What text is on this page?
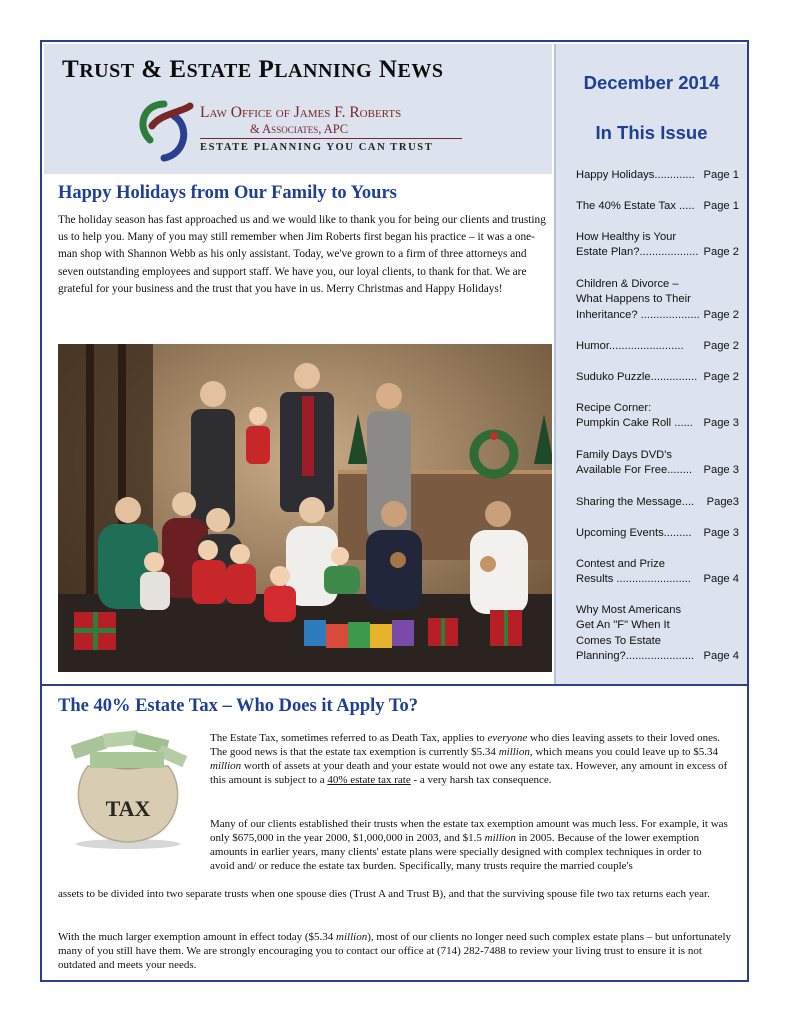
TRUST & ESTATE PLANNING NEWS
Law Office of James F. Roberts
& Associates, APC
ESTATE PLANNING YOU CAN TRUST
December 2014
In This Issue
Happy Holidays............. Page 1
The 40% Estate Tax ..... Page 1
How Healthy is Your
Estate Plan?................... Page 2
Children & Divorce –
What Happens to Their
Inheritance? ................... Page 2
Humor........................	Page 2
Suduko Puzzle............... Page 2
Recipe Corner:
Pumpkin Cake Roll ...... Page 3
Family Days DVD's
Available For Free........	Page 3
Sharing the Message....	Page3
Upcoming Events.........	Page 3
Contest and Prize
Results ........................	Page 4
Why Most Americans
Get An "F" When It
Comes To Estate
Planning?...................... Page 4
Happy Holidays from Our Family to Yours

The holiday season has fast approached us and we would like to thank you for being our clients and trusting us to help you. Many of you may still remember when Jim Roberts first began his practice – it was a one-man shop with Shannon Webb as his only assistant. Today, we've grown to a firm of three attorneys and seven outstanding employees and support staff. We have you, our loyal clients, to thank for that. We are grateful for your business and the trust that you have in us. Merry Christmas and Happy Holidays!

The 40% Estate Tax – Who Does it Apply To?
TAX

The Estate Tax, sometimes referred to as Death Tax, applies to everyone who dies leaving assets to their loved ones. The good news is that the estate tax exemption is currently $5.34 million, which means you could leave up to $5.34 million worth of assets at your death and your estate would not owe any estate tax. However, any amount in excess of this amount is subject to a 40% estate tax rate - a very harsh tax consequence.

Many of our clients established their trusts when the estate tax exemption amount was much less. For example, it was only $675,000 in the year 2000, $1,000,000 in 2003, and $1.5 million in 2005. Because of the lower exemption amounts in earlier years, many clients' estate plans were specially designed with complex techniques in order to avoid and/ or reduce the estate tax burden. Specifically, many trusts require the married couple's

assets to be divided into two separate trusts when one spouse dies (Trust A and Trust B), and that the surviving spouse file two tax returns each year.

With the much larger exemption amount in effect today ($5.34 million), most of our clients no longer need such complex estate plans – but unfortunately many of you still have them. We are strongly encouraging you to contact our office at (714) 282-7488 to review your living trust to ensure it is not outdated and meets your needs.
